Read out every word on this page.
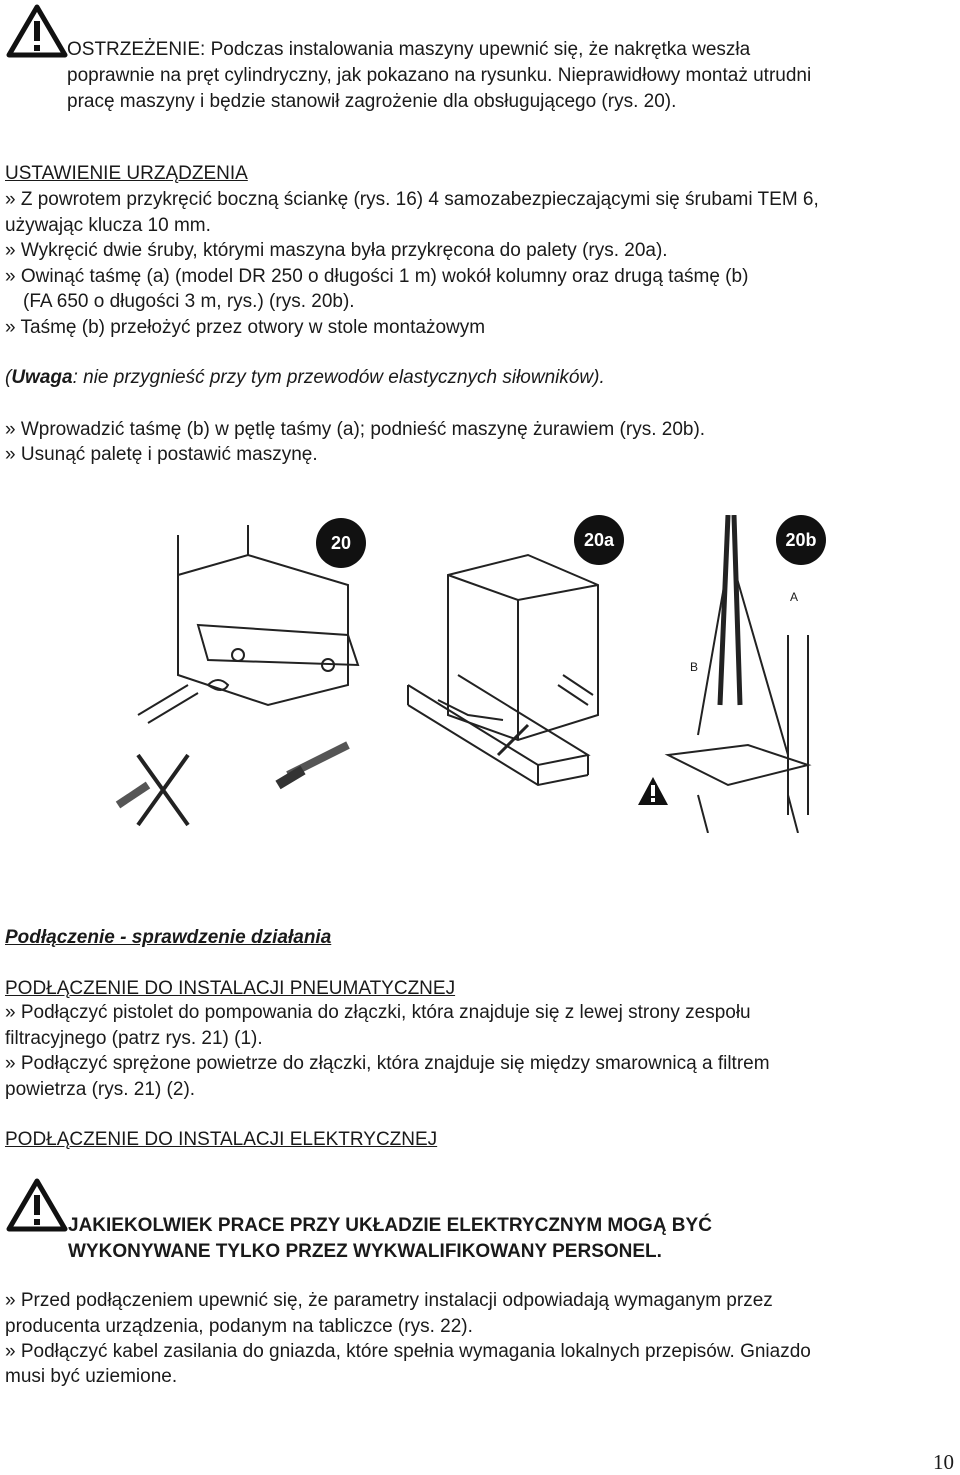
OSTRZEŻENIE: Podczas instalowania maszyny upewnić się, że nakrętka weszła
poprawnie na pręt cylindryczny, jak pokazano na rysunku. Nieprawidłowy montaż utrudni
pracę maszyny i będzie stanowił zagrożenie dla obsługującego (rys. 20).
USTAWIENIE URZĄDZENIA
» Z powrotem przykręcić boczną ściankę (rys. 16) 4 samozabezpieczającymi się śrubami TEM 6,
używając klucza 10 mm.
» Wykręcić dwie śruby, którymi maszyna była przykręcona do palety (rys. 20a).
» Owinąć taśmę (a) (model DR 250 o długości 1 m) wokół kolumny oraz drugą taśmę (b)
(FA 650 o długości 3 m, rys.) (rys. 20b).
» Taśmę (b) przełożyć przez otwory w stole montażowym
(Uwaga: nie przygnieść przy tym przewodów elastycznych siłowników).
» Wprowadzić taśmę (b) w pętlę taśmy (a); podnieść maszynę żurawiem (rys. 20b).
» Usunąć paletę i postawić maszynę.
20	20a	20b
A
B
Podłączenie - sprawdzenie działania
PODŁĄCZENIE DO INSTALACJI PNEUMATYCZNEJ
» Podłączyć pistolet do pompowania do złączki, która znajduje się z lewej strony zespołu
filtracyjnego (patrz rys. 21) (1).
» Podłączyć sprężone powietrze do złączki, która znajduje się między smarownicą a filtrem
powietrza (rys. 21) (2).
PODŁĄCZENIE DO INSTALACJI ELEKTRYCZNEJ
JAKIEKOLWIEK PRACE PRZY UKŁADZIE ELEKTRYCZNYM MOGĄ BYĆ
WYKONYWANE TYLKO PRZEZ WYKWALIFIKOWANY PERSONEL.
» Przed podłączeniem upewnić się, że parametry instalacji odpowiadają wymaganym przez
producenta urządzenia, podanym na tabliczce (rys. 22).
» Podłączyć kabel zasilania do gniazda, które spełnia wymagania lokalnych przepisów. Gniazdo
musi być uziemione.
10
